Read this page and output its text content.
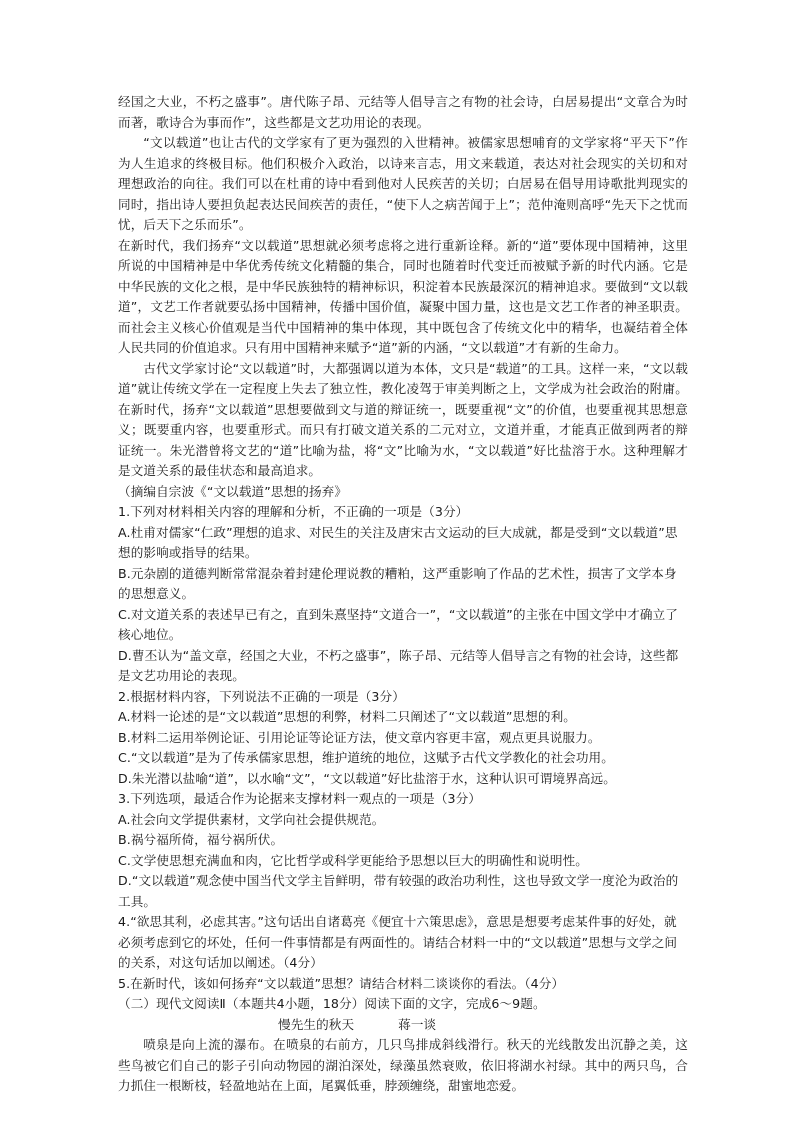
经国之大业，不朽之盛事”。唐代陈子昂、元结等人倡导言之有物的社会诗，白居易提出“文章合为时而著，歌诗合为事而作”，这些都是文艺功用论的表现。

“文以载道”也让古代的文学家有了更为强烈的入世精神。被儒家思想哺育的文学家将“平天下”作为人生追求的终极目标。他们积极介入政治，以诗来言志，用文来载道，表达对社会现实的关切和对理想政治的向往。我们可以在杜甫的诗中看到他对人民疾苦的关切；白居易在倡导用诗歌批判现实的同时，指出诗人要担负起表达民间疾苦的责任，“使下人之病苦闻于上”；范仲淹则高呼“先天下之忧而忧，后天下之乐而乐”。

在新时代，我们扬弃“文以载道”思想就必须考虑将之进行重新诠释。新的“道”要体现中国精神，这里所说的中国精神是中华优秀传统文化精髓的集合，同时也随着时代变迁而被赋予新的时代内涵。它是中华民族的文化之根，是中华民族独特的精神标识，积淀着本民族最深沉的精神追求。要做到“文以载道”，文艺工作者就要弘扬中国精神，传播中国价值，凝聚中国力量，这也是文艺工作者的神圣职责。而社会主义核心价值观是当代中国精神的集中体现，其中既包含了传统文化中的精华，也凝结着全体人民共同的价值追求。只有用中国精神来赋予“道”新的内涵，“文以载道”才有新的生命力。

古代文学家讨论“文以载道”时，大都强调以道为本体，文只是“载道”的工具。这样一来，“文以载道”就让传统文学在一定程度上失去了独立性，教化凌驾于审美判断之上，文学成为社会政治的附庸。在新时代，扬弃“文以载道”思想要做到文与道的辩证统一，既要重视“文”的价值，也要重视其思想意义；既要重内容，也要重形式。而只有打破文道关系的二元对立，文道并重，才能真正做到两者的辩证统一。朱光潜曾将文艺的“道”比喻为盐，将“文”比喻为水，“文以载道”好比盐溶于水。这种理解才是文道关系的最佳状态和最高追求。

（摘编自宗波《“文以载道”思想的扬弃》

1.下列对材料相关内容的理解和分析，不正确的一项是（3分）

A.杜甫对儒家“仁政”理想的追求、对民生的关注及唐宋古文运动的巨大成就，都是受到“文以载道”思想的影响或指导的结果。

B.元杂剧的道德判断常常混杂着封建伦理说教的糟粕，这严重影响了作品的艺术性，损害了文学本身的思想意义。

C.对文道关系的表述早已有之，直到朱熹坚持“文道合一”，“文以载道”的主张在中国文学中才确立了核心地位。

D.曹丕认为“盖文章，经国之大业，不朽之盛事”，陈子昂、元结等人倡导言之有物的社会诗，这些都是文艺功用论的表现。

2.根据材料内容，下列说法不正确的一项是（3分）

A.材料一论述的是“文以载道”思想的利弊，材料二只阐述了“文以载道”思想的利。

B.材料二运用举例论证、引用论证等论证方法，使文章内容更丰富，观点更具说服力。

C.“文以载道”是为了传承儒家思想，维护道统的地位，这赋予古代文学教化的社会功用。

D.朱光潜以盐喻“道”，以水喻“文”，“文以载道”好比盐溶于水，这种认识可谓境界高远。

3.下列选项，最适合作为论据来支撑材料一观点的一项是（3分）

A.社会向文学提供素材，文学向社会提供规范。

B.祸兮福所倚，福兮祸所伏。

C.文学使思想充满血和肉，它比哲学或科学更能给予思想以巨大的明确性和说明性。

D.“文以载道”观念使中国当代文学主旨鲜明，带有较强的政治功利性，这也导致文学一度沦为政治的工具。

4.“欲思其利，必虑其害。”这句话出自诸葛亮《便宜十六策思虑》，意思是想要考虑某件事的好处，就必须考虑到它的坏处，任何一件事情都是有两面性的。请结合材料一中的“文以载道”思想与文学之间的关系，对这句话加以阐述。（4分）

5.在新时代，该如何扬弃“文以载道”思想？请结合材料二谈谈你的看法。（4分）

（二）现代文阅读Ⅱ（本题共4小题，18分）阅读下面的文字，完成6～9题。

慢先生的秋天	蒋一谈

喷泉是向上流的瀑布。在喷泉的右前方，几只鸟排成斜线滑行。秋天的光线散发出沉静之美，这些鸟被它们自己的影子引向动物园的湖泊深处，绿藻虽然衰败，依旧将湖水衬绿。其中的两只鸟，合力抓住一根断枝，轻盈地站在上面，尾翼低垂，脖颈缠绕，甜蜜地恋爱。
